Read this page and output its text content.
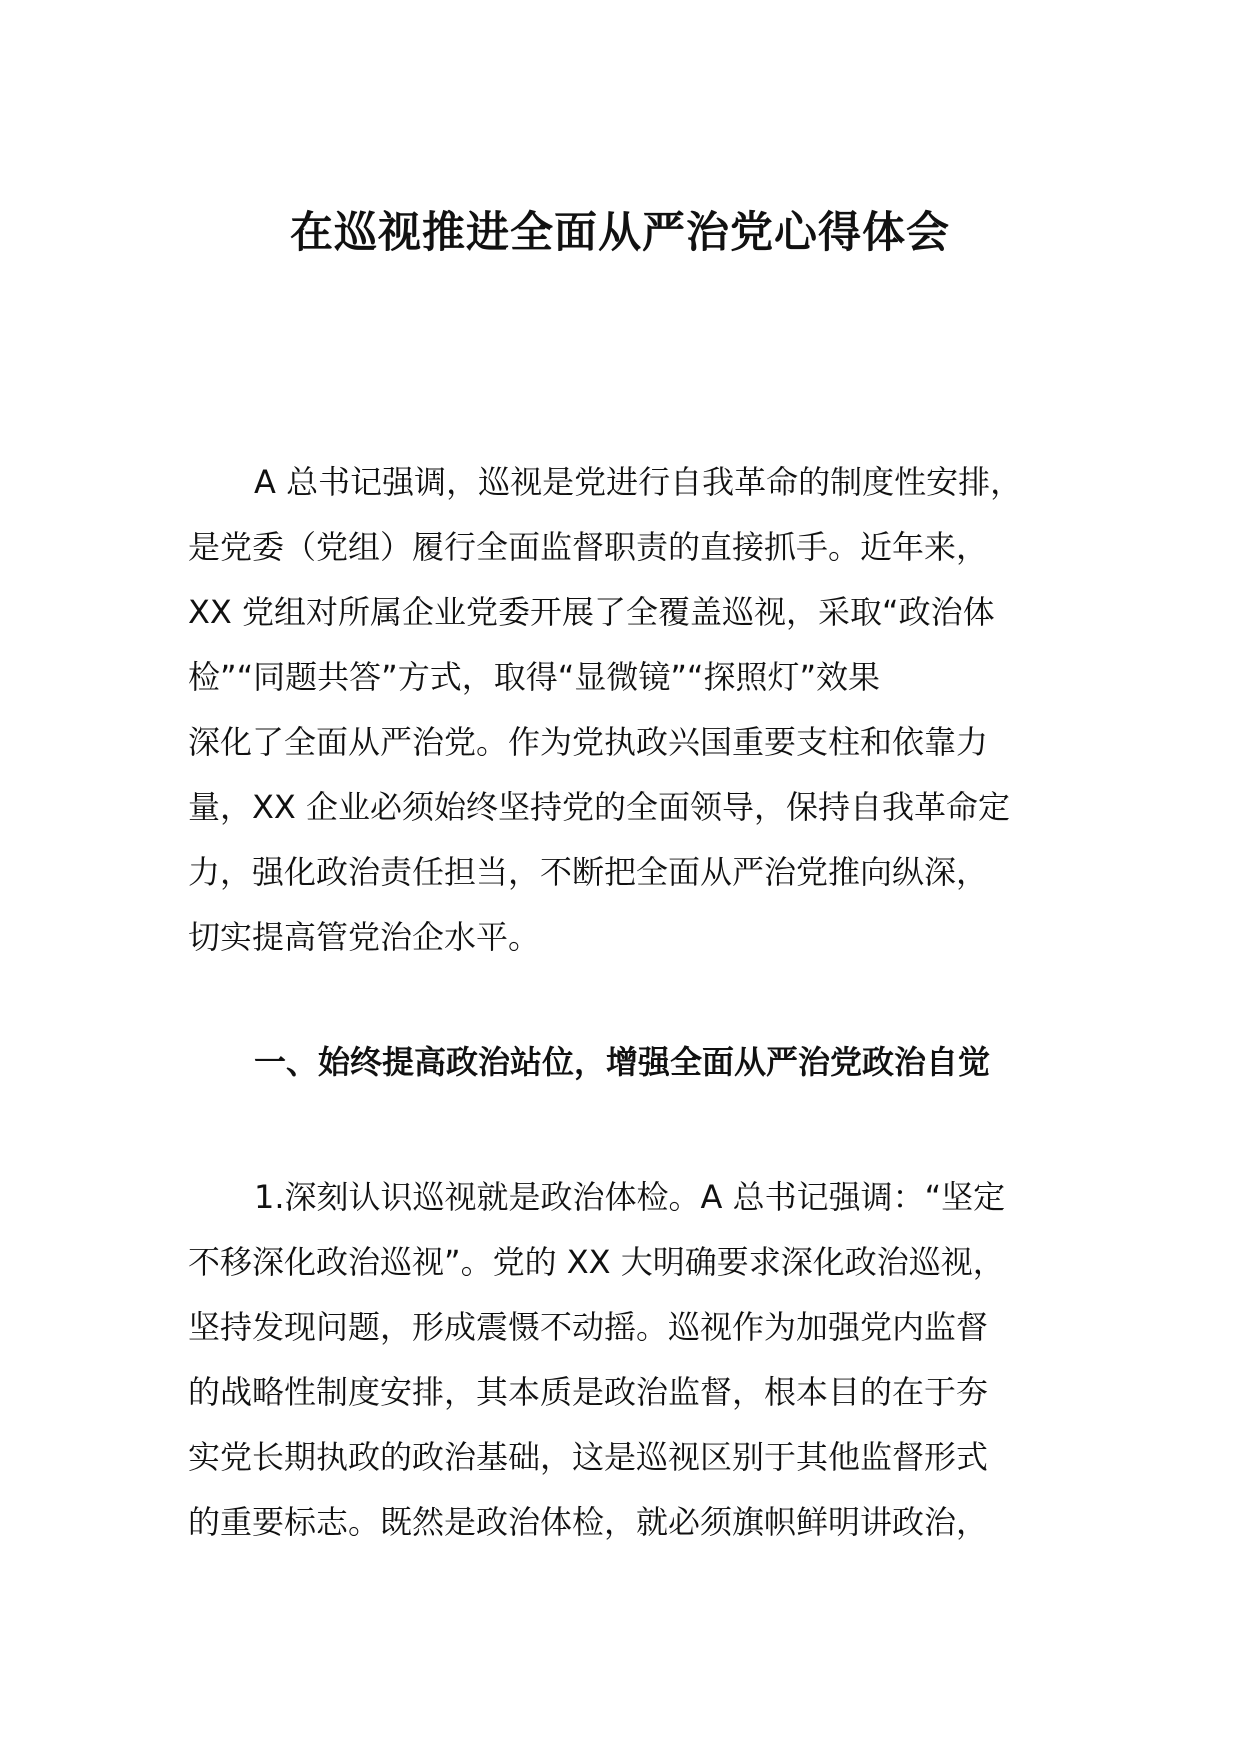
在巡视推进全面从严治党心得体会
A 总书记强调，巡视是党进行自我革命的制度性安排，
是党委（党组）履行全面监督职责的直接抓手。近年来，
XX 党组对所属企业党委开展了全覆盖巡视，采取“政治体
检”“同题共答”方式，取得“显微镜”“探照灯”效果
深化了全面从严治党。作为党执政兴国重要支柱和依靠力
量，XX 企业必须始终坚持党的全面领导，保持自我革命定
力，强化政治责任担当，不断把全面从严治党推向纵深，
切实提高管党治企水平。
一、始终提高政治站位，增强全面从严治党政治自觉
1.深刻认识巡视就是政治体检。A 总书记强调：“坚定
不移深化政治巡视”。党的 XX 大明确要求深化政治巡视，
坚持发现问题，形成震慑不动摇。巡视作为加强党内监督
的战略性制度安排，其本质是政治监督，根本目的在于夯
实党长期执政的政治基础，这是巡视区别于其他监督形式
的重要标志。既然是政治体检，就必须旗帜鲜明讲政治，
